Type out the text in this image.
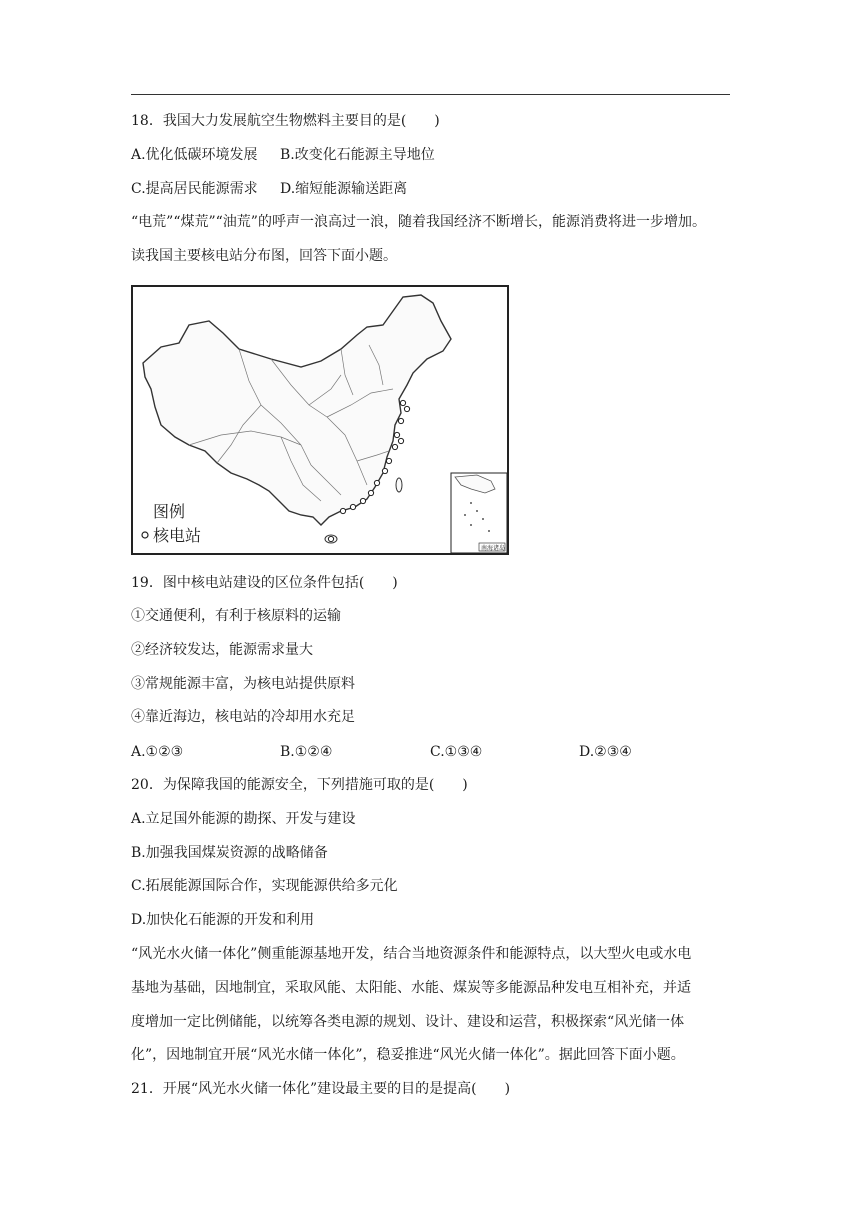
18．我国大力发展航空生物燃料主要目的是(　　)
A.优化低碳环境发展 B.改变化石能源主导地位
C.提高居民能源需求 D.缩短能源输送距离
“电荒”“煤荒”“油荒”的呼声一浪高过一浪，随着我国经济不断增长，能源消费将进一步增加。
读我国主要核电站分布图，回答下面小题。
图例
核电站
南海诸岛
19．图中核电站建设的区位条件包括(　　)
①交通便利，有利于核原料的运输
②经济较发达，能源需求量大
③常规能源丰富，为核电站提供原料
④靠近海边，核电站的冷却用水充足
A.①②③	B.①②④	C.①③④	D.②③④
20．为保障我国的能源安全，下列措施可取的是(　　)
A.立足国外能源的勘探、开发与建设
B.加强我国煤炭资源的战略储备
C.拓展能源国际合作，实现能源供给多元化
D.加快化石能源的开发和利用
“风光水火储一体化”侧重能源基地开发，结合当地资源条件和能源特点，以大型火电或水电
基地为基础，因地制宜，采取风能、太阳能、水能、煤炭等多能源品种发电互相补充，并适
度增加一定比例储能，以统筹各类电源的规划、设计、建设和运营，积极探索“风光储一体
化”，因地制宜开展“风光水储一体化”，稳妥推进“风光火储一体化”。据此回答下面小题。
21．开展“风光水火储一体化”建设最主要的目的是提高(　　)
